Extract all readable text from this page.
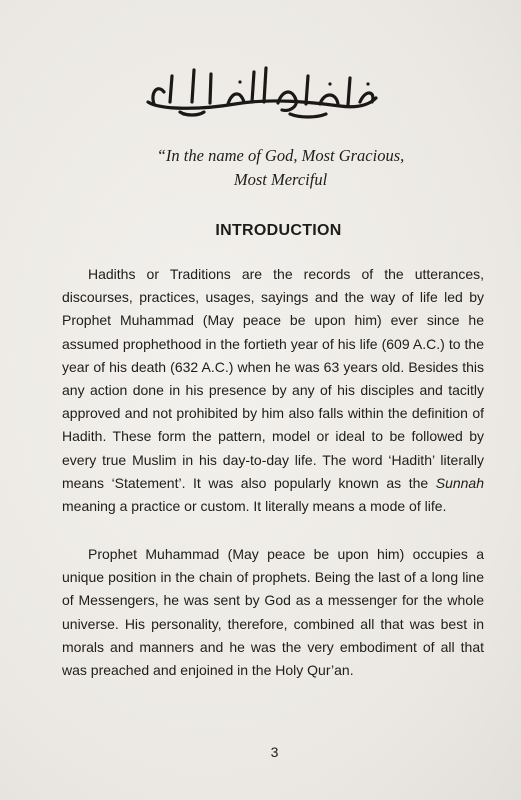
“In the name of God, Most Gracious,
Most Merciful
INTRODUCTION

Hadiths or Traditions are the records of the utterances, discourses, practices, usages, sayings and the way of life led by Prophet Muhammad (May peace be upon him) ever since he assumed prophethood in the fortieth year of his life (609 A.C.) to the year of his death (632 A.C.) when he was 63 years old. Besides this any action done in his presence by any of his disciples and tacitly approved and not prohibited by him also falls within the definition of Hadith. These form the pattern, model or ideal to be followed by every true Muslim in his day-to-day life. The word ‘Hadith’ literally means ‘Statement’. It was also popularly known as the Sunnah meaning a practice or custom. It literally means a mode of life.

Prophet Muhammad (May peace be upon him) occupies a unique position in the chain of prophets. Being the last of a long line of Messengers, he was sent by God as a messenger for the whole universe. His personality, therefore, combined all that was best in morals and manners and he was the very embodiment of all that was preached and enjoined in the Holy Qur’an.

3
